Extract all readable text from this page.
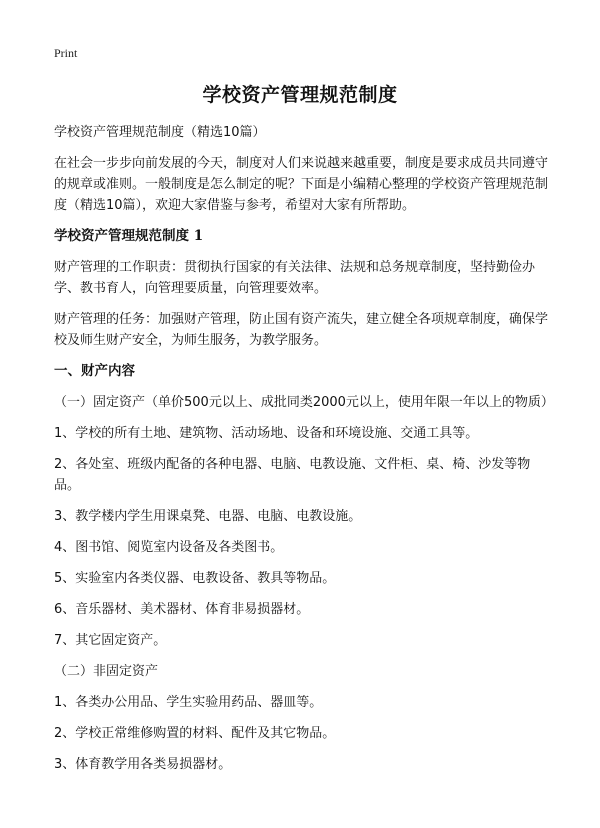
Print
学校资产管理规范制度

学校资产管理规范制度（精选10篇）

在社会一步步向前发展的今天，制度对人们来说越来越重要，制度是要求成员共同遵守的规章或准则。一般制度是怎么制定的呢？下面是小编精心整理的学校资产管理规范制度（精选10篇），欢迎大家借鉴与参考，希望对大家有所帮助。

学校资产管理规范制度 1

财产管理的工作职责：贯彻执行国家的有关法律、法规和总务规章制度，坚持勤俭办学、教书育人，向管理要质量，向管理要效率。

财产管理的任务：加强财产管理，防止国有资产流失，建立健全各项规章制度，确保学校及师生财产安全，为师生服务，为教学服务。

一、财产内容

（一）固定资产（单价500元以上、成批同类2000元以上，使用年限一年以上的物质）

1、学校的所有土地、建筑物、活动场地、设备和环境设施、交通工具等。

2、各处室、班级内配备的各种电器、电脑、电教设施、文件柜、桌、椅、沙发等物品。

3、教学楼内学生用课桌凳、电器、电脑、电教设施。

4、图书馆、阅览室内设备及各类图书。

5、实验室内各类仪器、电教设备、教具等物品。

6、音乐器材、美术器材、体育非易损器材。

7、其它固定资产。

（二）非固定资产

1、各类办公用品、学生实验用药品、器皿等。

2、学校正常维修购置的材料、配件及其它物品。

3、体育教学用各类易损器材。
